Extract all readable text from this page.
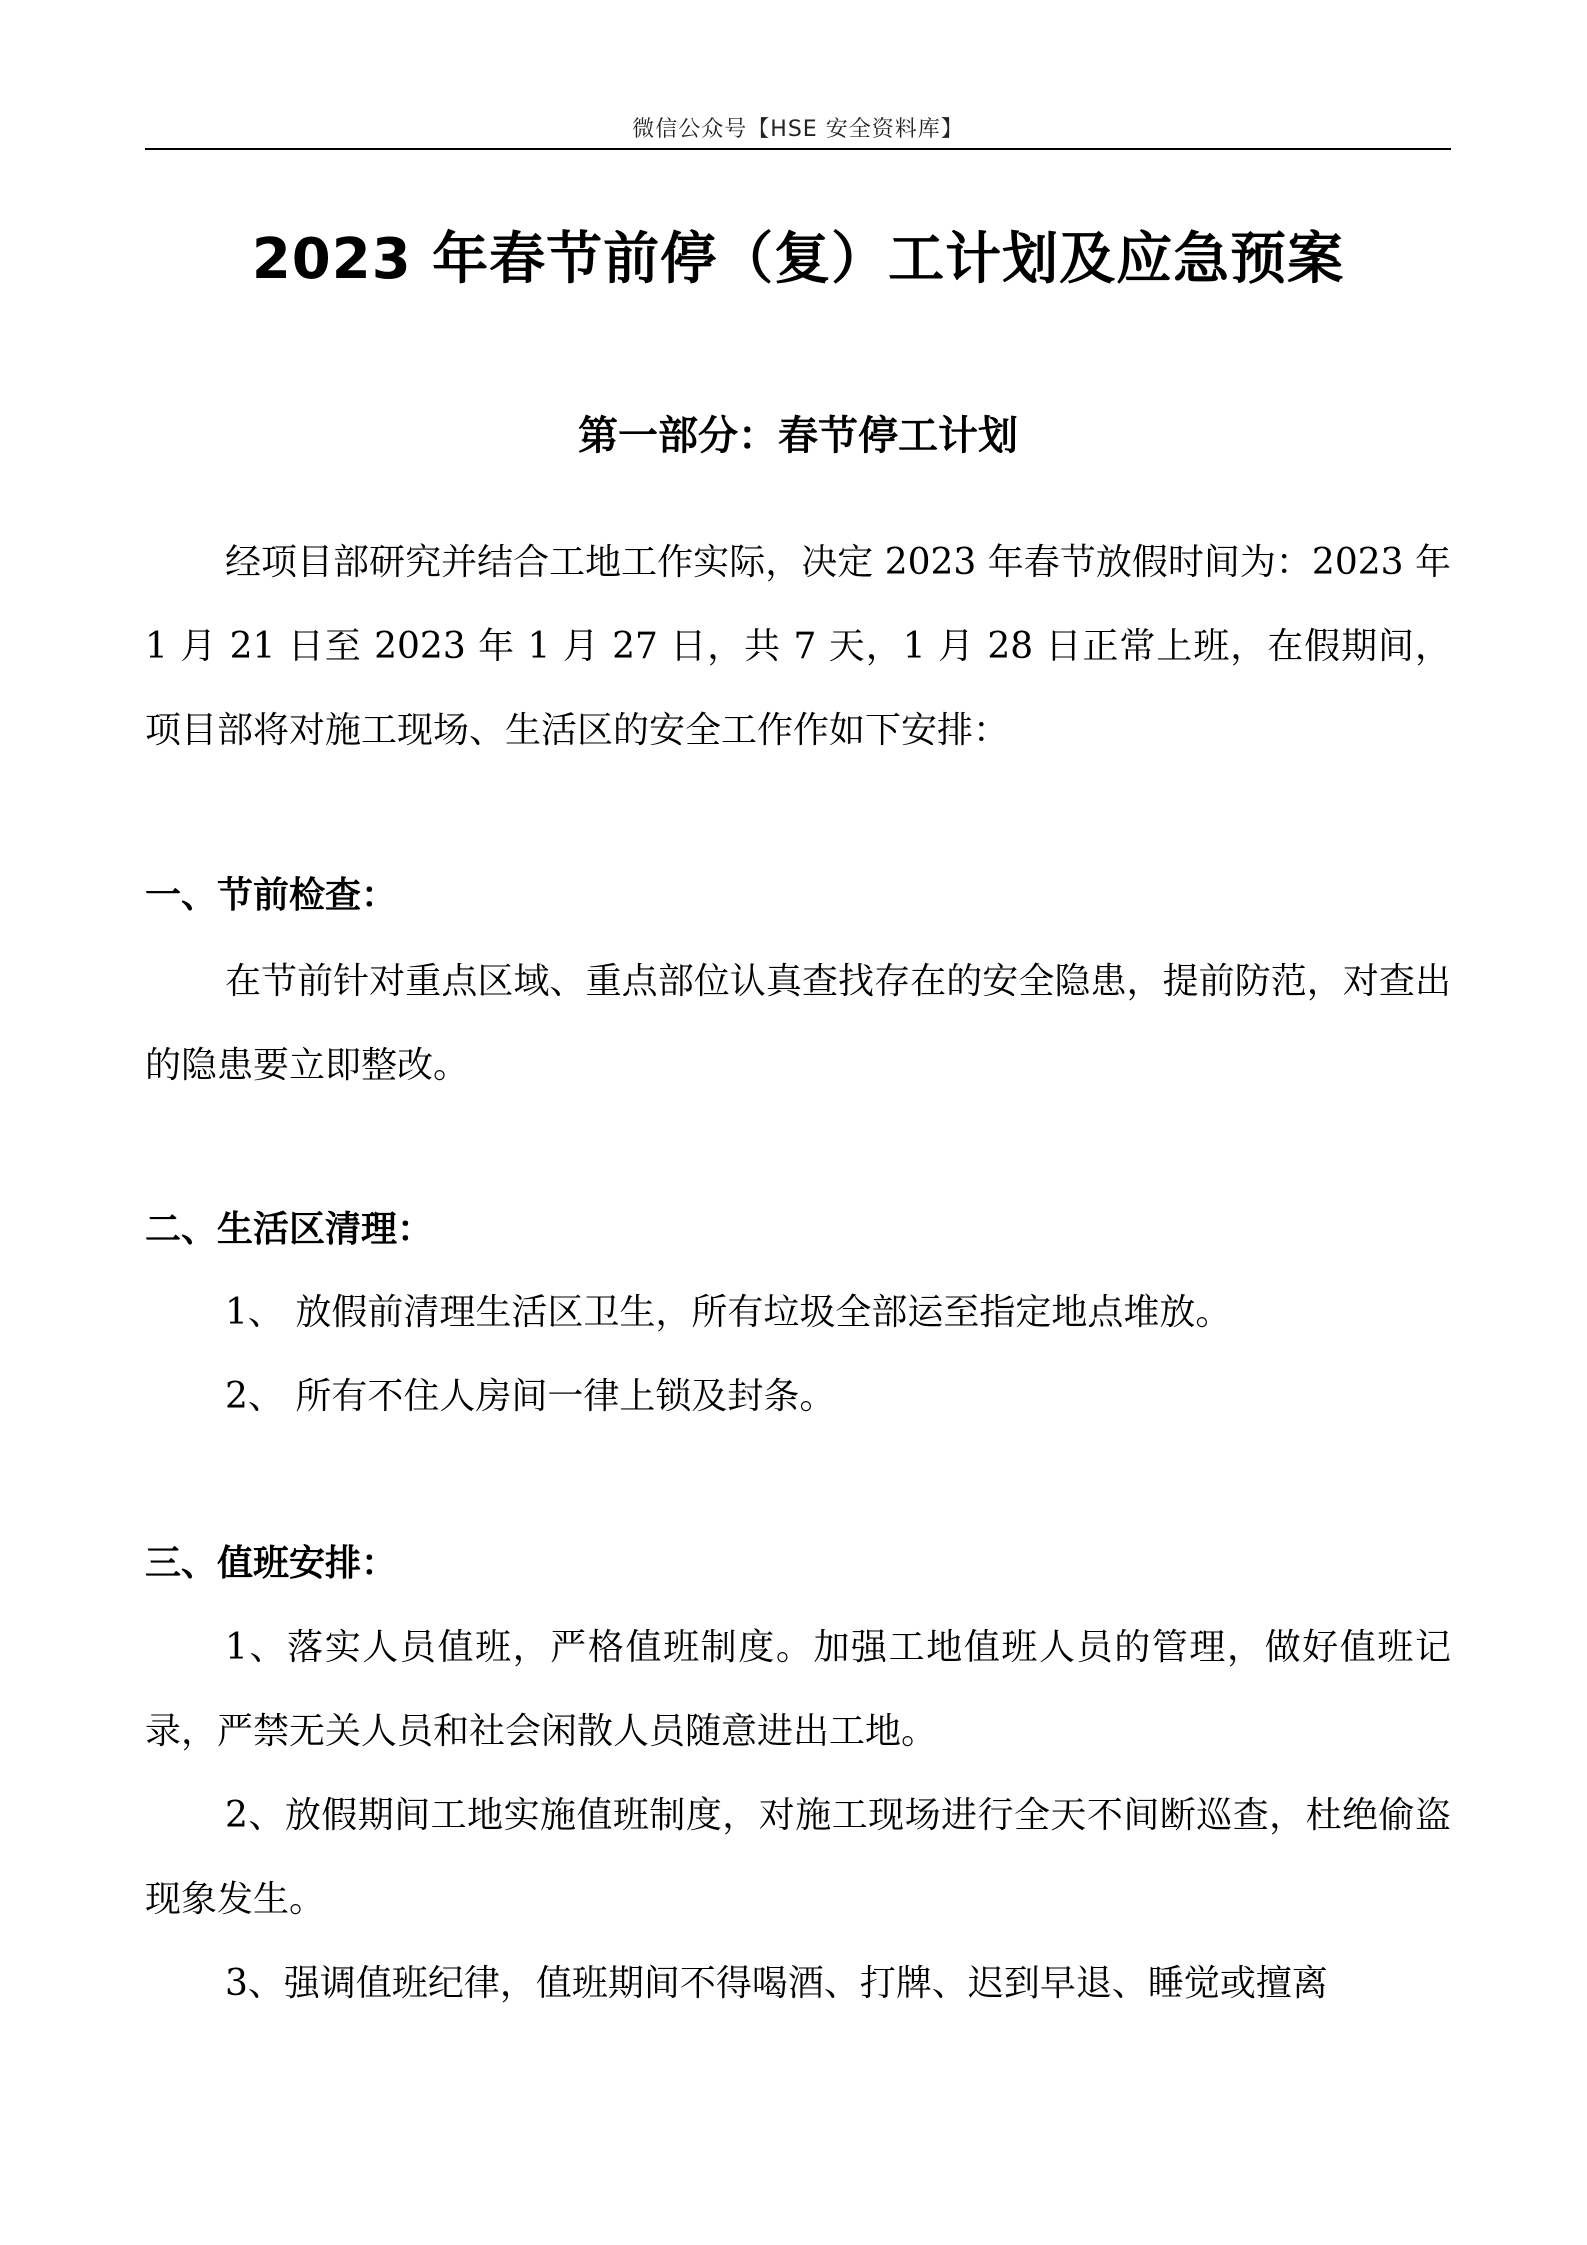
微信公众号【HSE 安全资料库】
2023 年春节前停（复）工计划及应急预案
第一部分：春节停工计划
经项目部研究并结合工地工作实际，决定 2023 年春节放假时间为：2023 年 1 月 21 日至 2023 年 1 月 27 日，共 7 天，1 月 28 日正常上班，在假期间，项目部将对施工现场、生活区的安全工作作如下安排：
一、节前检查：
在节前针对重点区域、重点部位认真查找存在的安全隐患，提前防范，对查出的隐患要立即整改。
二、生活区清理：
1、 放假前清理生活区卫生，所有垃圾全部运至指定地点堆放。
2、 所有不住人房间一律上锁及封条。
三、值班安排：
1、落实人员值班，严格值班制度。加强工地值班人员的管理，做好值班记录，严禁无关人员和社会闲散人员随意进出工地。
2、放假期间工地实施值班制度，对施工现场进行全天不间断巡查，杜绝偷盗现象发生。
3、强调值班纪律，值班期间不得喝酒、打牌、迟到早退、睡觉或擅离
